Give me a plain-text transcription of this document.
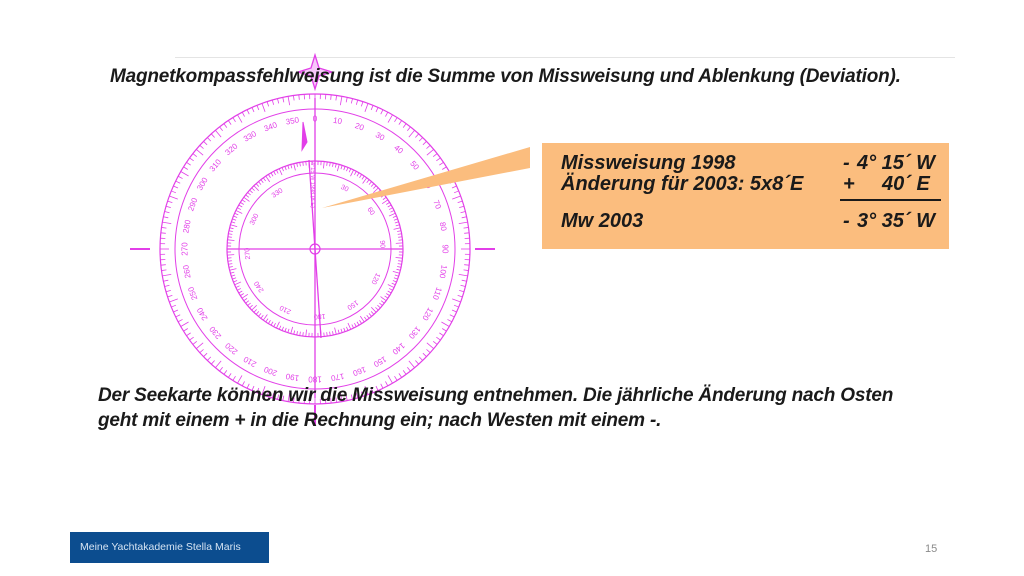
0 10
20
30
40
50
70
80
90
100
110
120
130
140
150
160
170
180
190
200
210
220
230
240
250
260
270
280
290
300
310
320
330
340 350
330
300
270
240
210
180
150
120
90
60
30
4°15´W 1998 (8´E)
Magnetkompassfehlweisung ist die Summe von Missweisung und Ablenkung (Deviation).
Missweisung 1998	- 4° 15´ W
Änderung für 2003: 5x8´E + 40´ E
Mw 2003	- 3° 35´ W
Der Seekarte können wir die Missweisung entnehmen. Die jährliche Änderung nach Osten
geht mit einem + in die Rechnung ein; nach Westen mit einem -.
Meine Yachtakademie Stella Maris	15
